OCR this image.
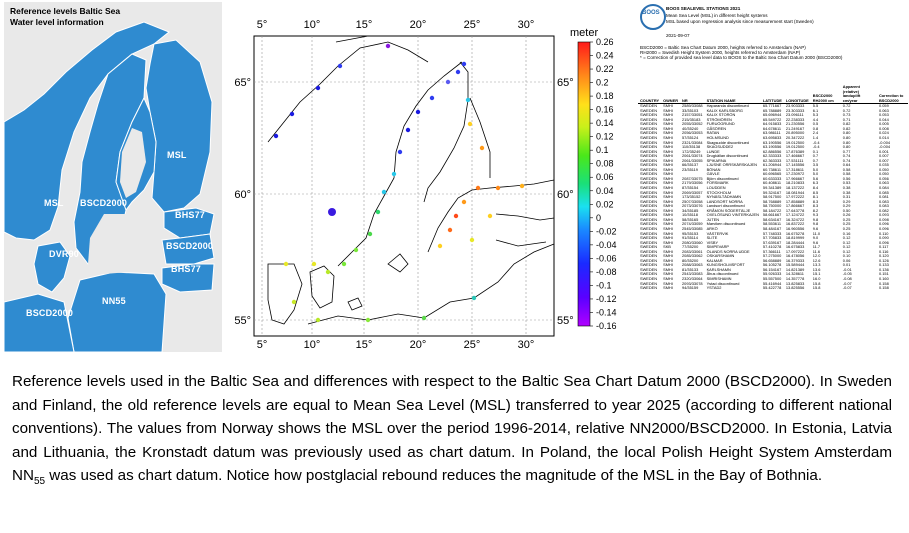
Reference levels Baltic Sea
Water level information
MSL
MSL BSCD2000
BHS77
BSCD2000
BHS77
DVR90
NN55
BSCD2000
5°	10°	15°	20°	25°	30°
5°	10°	15°	20°	25°	30°
65°
60°
55°
65°
60°
55°
meter
0.26
0.24
0.22
0.2
0.18
0.16
0.14
0.12
0.1
0.08
0.06
0.04
0.02
0
-0.02
-0.04
-0.06
-0.08
-0.1
-0.12
-0.14
-0.16
BOOS
BOOS SEALEVEL STATIONS 2021
Mean Sea Level (MSL) in different height systems
MSL based upon regression analysis since measurement start (Sweden)
2021-09-07
BSCD2000 = Baltic Sea Chart Datum 2000, heights referred to Amsterdam (NAP)
RH2000 = Swedish Height System 2000, heights referred to Amsterdam (NAP)
* = Correction of provided sea level data to BOOS to the Baltic Sea Chart Datum 2000 (BSCD2000)
COUNTRY	OWNER	NR	STATION NAME	LATITUDE	LONGITUDE	BSCD2000 RH2000 cm	Apparent (relative) landuplift cm/year	Correction to BSCD2000
SWEDEN	SMHI	2589/33088	Haparanda discontinued	65.771667	23.903333	5.5	0.72	0.059
SWEDEN	SMHI	33/35103	KALIX KARLSBORG	65.788889	23.303333	6.1	0.72	0.063
SWEDEN	SMHI	2157/33051	KALIX STORÖN	65.696944	23.096111	5.3	0.73	0.053
SWEDEN	SMHI	215/35183	STRÖMÖREN	65.549722	22.238333	4.4	0.71	0.044
SWEDEN	SMHI	2055/33052	FURUÖGRUND	64.915833	21.230556	0.5	0.82	0.005
SWEDEN	SMHI	40/35240	GÅSÖREN	64.678611	21.249167	0.8	0.82	0.008
SWEDEN	SMHI	2056/33053	RATAN	63.986111	20.895000	2.4	0.80	0.024
SWEDEN	SMHI	57/35124	HOLMSUND	63.695833	20.347222	1.4	0.80	0.014
SWEDEN	SMHI	2321/33084	Skagsudde discontinued	63.190556	19.012500	-0.4	0.80	-0.004
SWEDEN	SMHI	110/35138	SKAGSUDDE2	63.190556	19.012500	-0.4	0.80	-0.004
SWEDEN	SMHI	172/35249	LUNDE	62.886556	17.876389	0.1	0.77	0.001
SWEDEN	SMHI	2061/33074	Drugkällan discontinued	62.333333	17.466667	0.7	0.74	0.007
SWEDEN	SMHI	2061/33055	SPIKARNA	62.363333	17.531111	0.7	0.74	0.007
SWEDEN	SMHI	66/35137	LJUSNE ORRSKÄRSKAJEN	61.206944	17.145556	3.5	0.64	0.035
SWEDEN	SMHI	23/35119	BÖNAN	60.738611	17.318611	5.0	0.58	0.050
SWEDEN	SMHI		GÄVLE	60.696565	17.230972	5.0	0.58	0.050
SWEDEN	SMHI	2087/33075	Björn discontinued	60.633333	17.966667	5.6	0.56	0.056
SWEDEN	SMHI	2179/33056	FORSMARK	60.408611	18.210833	6.3	0.53	0.063
SWEDEN	SMHI	87/35154	LOUDDEN	59.341389	18.137222	8.4	0.38	0.084
SWEDEN	SMHI	2069/33057	STOCKHOLM	59.324167	18.081944	8.5	0.38	0.085
SWEDEN	SMHI	173/35152	NYNÄSLTÄDHAMN	58.917500	17.972222	8.1	0.31	0.081
SWEDEN	SMHI	2507/33058	LANDSORT NORRA	58.768889	17.858889	8.3	0.29	0.083
SWEDEN	SMHI	2073/33076	Landsort discontinued	58.750000	17.866667	8.3	0.29	0.083
SWEDEN	SMHI	34/35185	KRÅMON SÖDERTÄLJE	58.184722	17.643778	8.2	0.50	0.082
SWEDEN	SMHI	10/35118	OXELÖSUND VINTERKAJEN	58.661667	17.124722	9.3	0.26	0.093
SWEDEN	SMHI	58/35165	JUTEN	58.634167	16.324722	9.8	0.25	0.098
SWEDEN	SMHI	2074/33059	Marviken discontinued	58.553611	16.837222	9.8	0.25	0.096
SWEDEN	SMHI	2545/33085	ARKÖ	58.484167	16.960556	9.6	0.25	0.096
SWEDEN	SMHI	95/35153	VÄSTERVIK	57.748333	16.675278	11.0	0.16	0.110
SWEDEN	SMHI	91/35114	SLITE	57.705833	18.819999	9.0	0.12	0.090
SWEDEN	SMHI	2080/33060	VISBY	57.639167	18.284444	9.6	0.12	0.096
SWEDEN	SKB	77/35200	SIMPEVARP	57.410278	16.675833	11.7	0.12	0.117
SWEDEN	SMHI	2083/33061	ÖLANDS NORRA UDDE	57.366111	17.097222	11.6	0.12	0.116
SWEDEN	SMHI	2085/33062	OSKARSHAMN	57.275000	16.478056	12.0	0.10	0.120
SWEDEN	SMHI	80/35200	KALMAR	56.658889	16.379333	12.6	0.06	0.126
SWEDEN	SMHI	2088/33063	KUNGSHOLMSFORT	56.105278	15.589444	13.3	0.01	0.133
SWEDEN	SMHI	81/35133	KARLSHAMN	56.154167	14.821389	13.6	-0.01	0.136
SWEDEN	SMHI	2543/33083	Åhus discontinued	55.926333	14.328611	15.1	-0.05	0.151
SWEDEN	SMHI	2320/33064	SIMRISHAMN	55.557500	14.357778	16.0	-0.08	0.160
SWEDEN	SMHI	2093/33078	Ystad discontinued	55.416944	13.825833	15.8	-0.07	0.158
SWEDEN	SMHI	94/35159	YSTAD2	55.422778	13.825556	15.8	-0.07	0.158
Reference levels used in the Baltic Sea and differences with respect to the Baltic Sea Chart Datum 2000 (BSCD2000). In Sweden and Finland, the old reference levels are equal to Mean Sea Level (MSL) transferred to year 2025 (according to different national conventions). The values from Norway shows the MSL over the period 1996-2014, relative NN2000/BSCD2000. In Estonia, Latvia and Lithuania, the Kronstadt datum was previously used as chart datum. In Poland, the local Polish Height System Amsterdam $NN_{55}$ was used as chart datum. Notice how postglacial rebound reduces the magnitude of the MSL in the Bay of Bothnia.
